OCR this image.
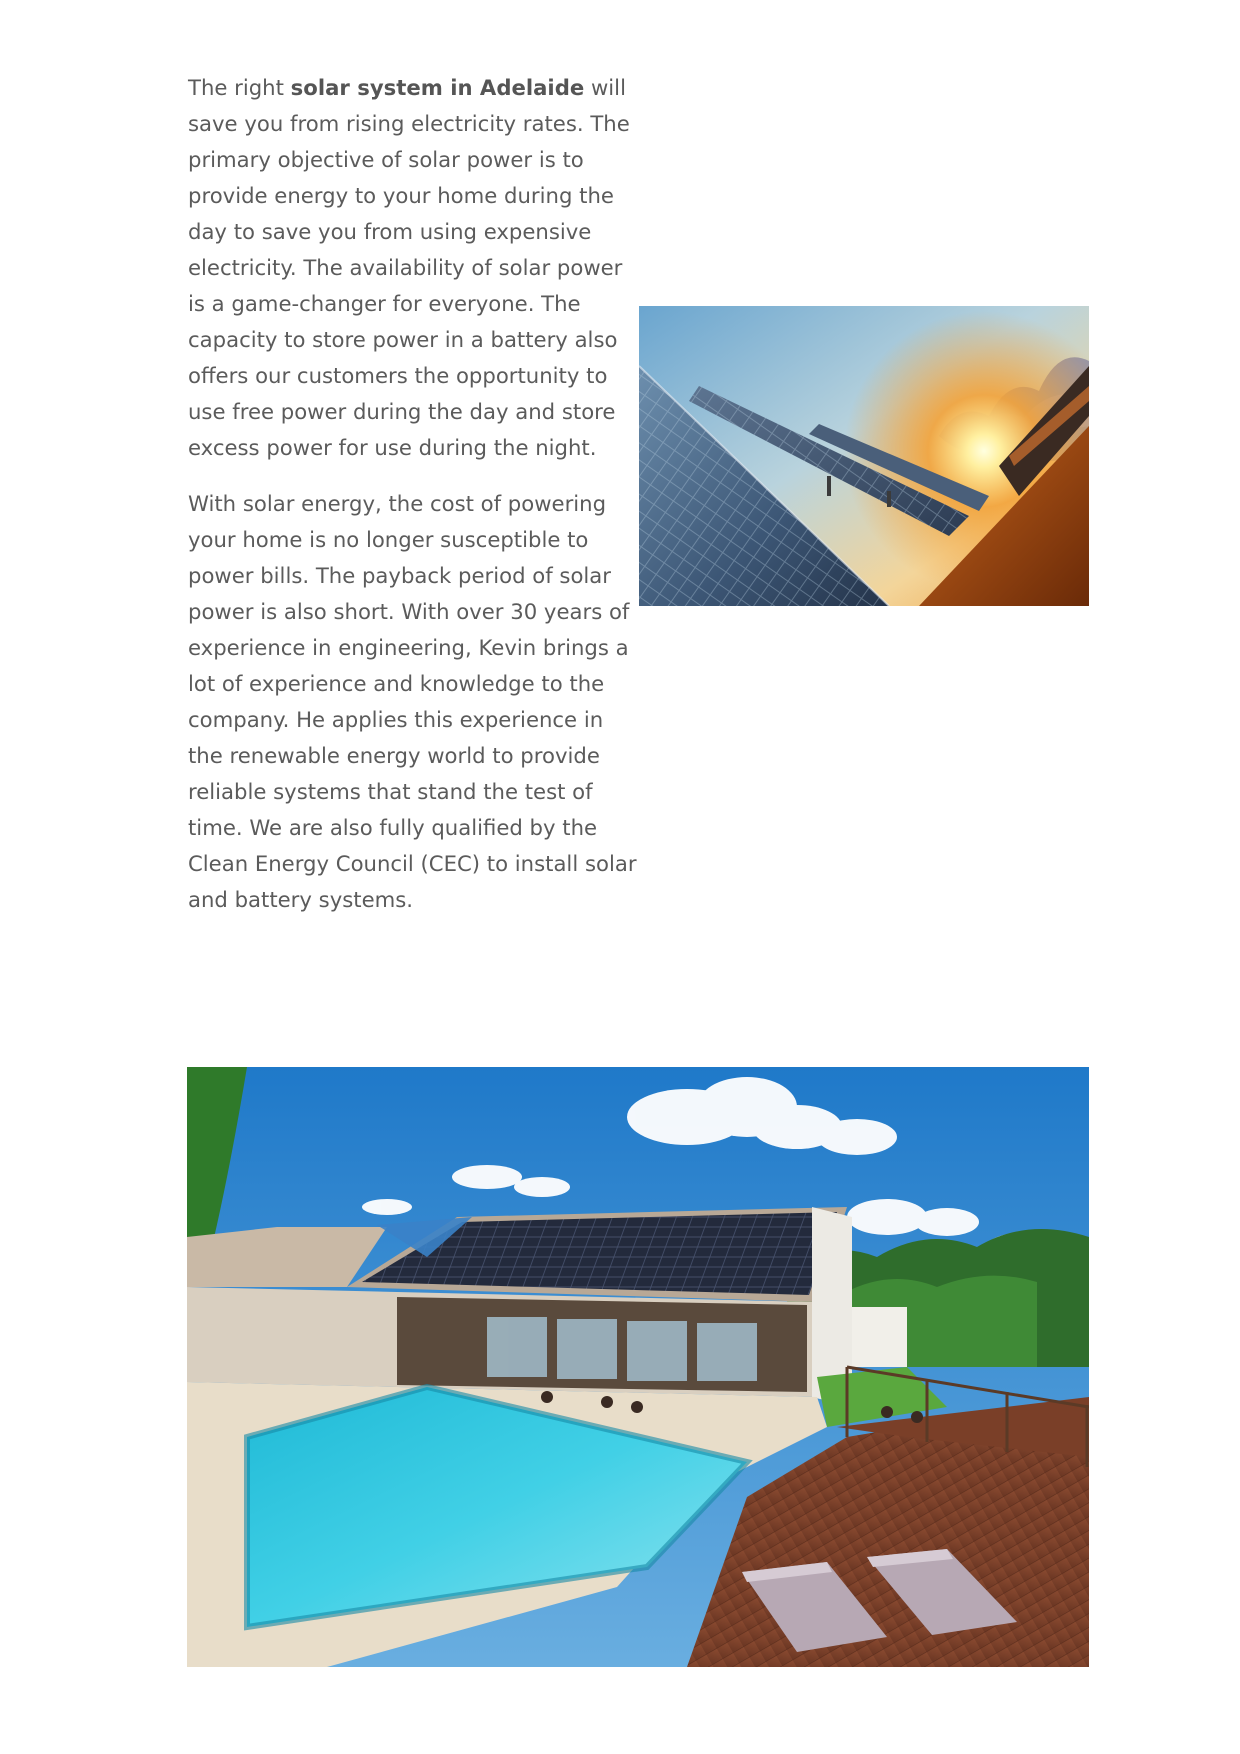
The right solar system in Adelaide will save you from rising electricity rates. The primary objective of solar power is to provide energy to your home during the day to save you from using expensive electricity. The availability of solar power is a game-changer for everyone. The capacity to store power in a battery also offers our customers the opportunity to use free power during the day and store excess power for use during the night.

With solar energy, the cost of powering your home is no longer susceptible to power bills. The payback period of solar power is also short. With over 30 years of experience in engineering, Kevin brings a lot of experience and knowledge to the company. He applies this experience in the renewable energy world to provide reliable systems that stand the test of time. We are also fully qualified by the Clean Energy Council (CEC) to install solar and battery systems.
